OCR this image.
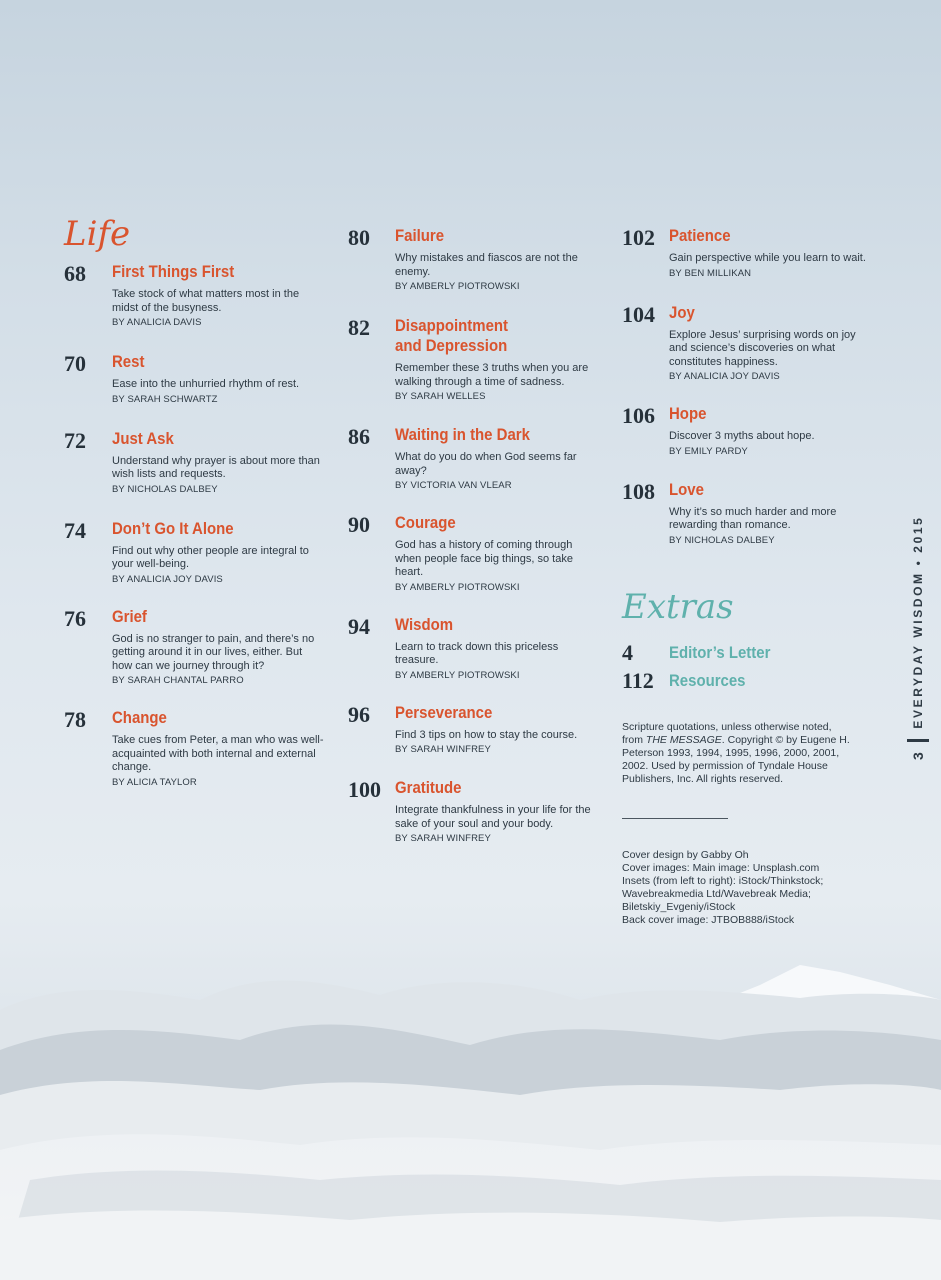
Life
68	First Things First
Take stock of what matters most in the midst of the busyness.
BY ANALICIA DAVIS
70	Rest
Ease into the unhurried rhythm of rest.
BY SARAH SCHWARTZ
72	Just Ask
Understand why prayer is about more than wish lists and requests.
BY NICHOLAS DALBEY
74	Don’t Go It Alone
Find out why other people are integral to your well-being.
BY ANALICIA JOY DAVIS
76	Grief
God is no stranger to pain, and there’s no getting around it in our lives, either. But how can we journey through it?
BY SARAH CHANTAL PARRO
78	Change
Take cues from Peter, a man who was well-acquainted with both internal and external change.
BY ALICIA TAYLOR
80	Failure
Why mistakes and fiascos are not the enemy.
BY AMBERLY PIOTROWSKI
82	Disappointment
and Depression
Remember these 3 truths when you are walking through a time of sadness.
BY SARAH WELLES
86	Waiting in the Dark
What do you do when God seems far away?
BY VICTORIA VAN VLEAR
90	Courage
God has a history of coming through when people face big things, so take heart.
BY AMBERLY PIOTROWSKI
94	Wisdom
Learn to track down this priceless treasure.
BY AMBERLY PIOTROWSKI
96	Perseverance
Find 3 tips on how to stay the course.
BY SARAH WINFREY
100 Gratitude
Integrate thankfulness in your life for the sake of your soul and your body.
BY SARAH WINFREY
102 Patience
Gain perspective while you learn to wait.
BY BEN MILLIKAN
104 Joy
Explore Jesus’ surprising words on joy and science’s discoveries on what constitutes happiness.
BY ANALICIA JOY DAVIS
106 Hope
Discover 3 myths about hope.
BY EMILY PARDY
108 Love
Why it’s so much harder and more rewarding than romance.
BY NICHOLAS DALBEY
Extras
4	Editor’s Letter
112 Resources
Scripture quotations, unless otherwise noted,
from THE MESSAGE. Copyright © by Eugene H.
Peterson 1993, 1994, 1995, 1996, 2000, 2001,
2002. Used by permission of Tyndale House
Publishers, Inc. All rights reserved.
Cover design by Gabby Oh
Cover images: Main image: Unsplash.com
Insets (from left to right): iStock/Thinkstock;
Wavebreakmedia Ltd/Wavebreak Media;
Biletskiy_Evgeniy/iStock
Back cover image: JTBOB888/iStock
3
EVERYDAY WISDOM • 2015
